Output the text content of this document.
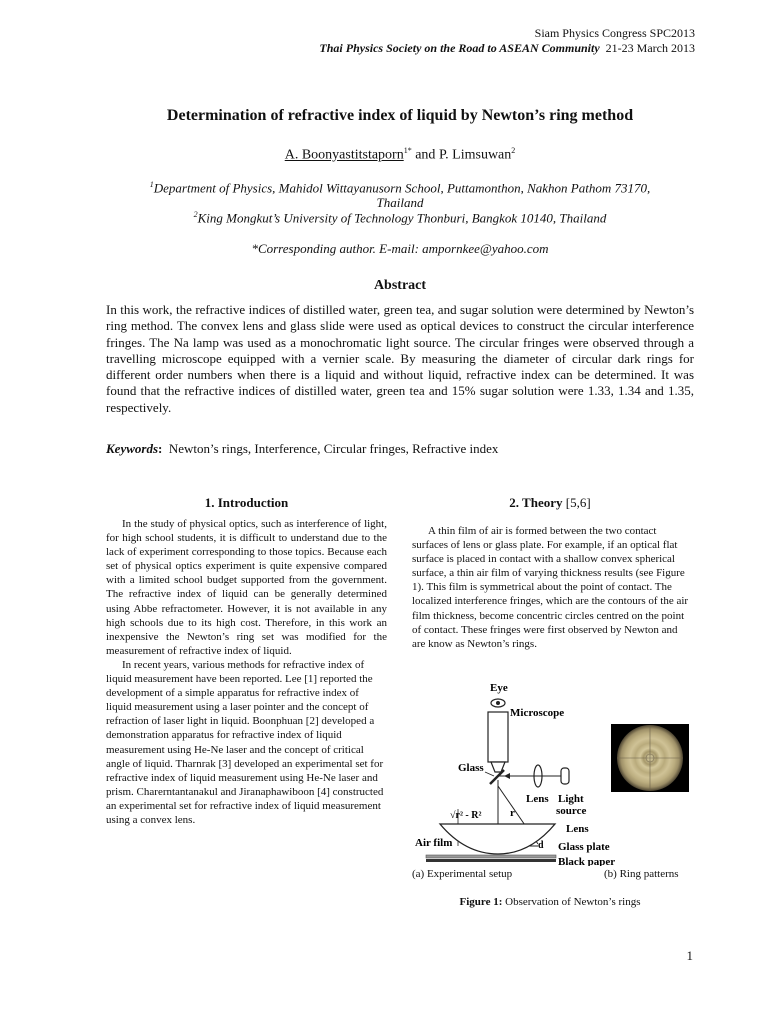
Siam Physics Congress SPC2013
Thai Physics Society on the Road to ASEAN Community 21-23 March 2013
Determination of refractive index of liquid by Newton’s ring method
A. Boonyastitstaporn$^{1*}$ and P. Limsuwan$^2$
$^1$Department of Physics, Mahidol Wittayanusorn School, Puttamonthon, Nakhon Pathom 73170,
Thailand
$^2$King Mongkut’s University of Technology Thonburi, Bangkok 10140, Thailand
*Corresponding author. E-mail: ampornkee@yahoo.com
Abstract
In this work, the refractive indices of distilled water, green tea, and sugar solution were determined by Newton’s ring method. The convex lens and glass slide were used as optical devices to construct the circular interference fringes. The Na lamp was used as a monochromatic light source. The circular fringes were observed through a travelling microscope equipped with a vernier scale. By measuring the diameter of circular dark rings for different order numbers when there is a liquid and without liquid, refractive index can be determined. It was found that the refractive indices of distilled water, green tea and 15% sugar solution were 1.33, 1.34 and 1.35, respectively.
Keywords: Newton’s rings, Interference, Circular fringes, Refractive index
1. Introduction

In the study of physical optics, such as interference of light, for high school students, it is difficult to understand due to the lack of experiment corresponding to those topics. Because each set of physical optics experiment is quite expensive compared with a limited school budget supported from the government. The refractive index of liquid can be generally determined using Abbe refractometer. However, it is not available in any high schools due to its high cost. Therefore, in this work an inexpensive the Newton’s ring set was modified for the measurement of refractive index of liquid.

In recent years, various methods for refractive index of liquid measurement have been reported. Lee [1] reported the development of a simple apparatus for refractive index of liquid measurement using a laser pointer and the concept of refraction of laser light in liquid. Boonphuan [2] developed a demonstration apparatus for refractive index of liquid measurement using He-Ne laser and the concept of critical angle of liquid. Tharnrak [3] developed an experimental set for refractive index of liquid measurement using He-Ne laser and prism. Charerntantanakul and Jiranaphawiboon [4] constructed an experimental set for refractive index of liquid measurement using a convex lens.

2. Theory [5,6]

A thin film of air is formed between the two contact surfaces of lens or glass plate. For example, if an optical flat surface is placed in contact with a shallow convex spherical surface, a thin air film of varying thickness results (see Figure 1). This film is symmetrical about the point of contact. The localized interference fringes, which are the contours of the air film thickness, become concentric circles centred on the point of contact. These fringes were first observed by Newton and are know as Newton’s rings.

Eye
Microscope
Glass
Lens Light
source
√r² - R²	r
Lens
d
Air film	Glass plate
Black paper
(a) Experimental setup	(b) Ring patterns
Figure 1: Observation of Newton’s rings
1
